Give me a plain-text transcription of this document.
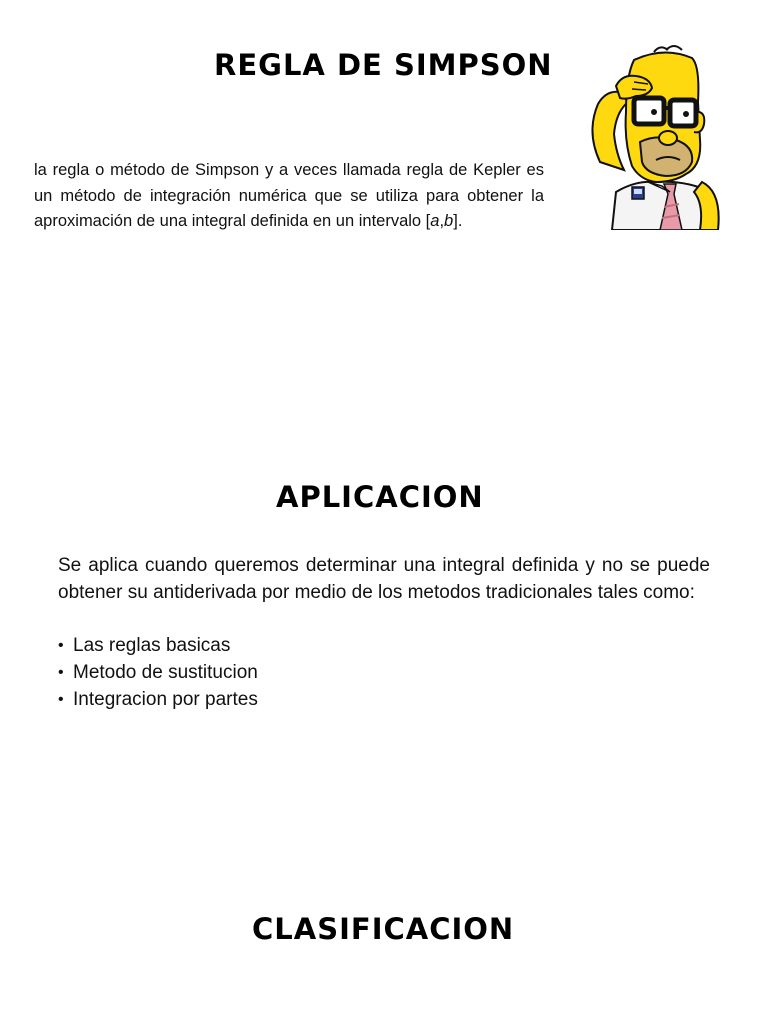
REGLA DE SIMPSON

la regla o método de Simpson y a veces llamada regla de Kepler es un método de integración numérica que se utiliza para obtener la aproximación de una integral definida en un intervalo [a,b].

APLICACION

Se aplica cuando queremos determinar una integral definida y no se puede obtener su antiderivada por medio de los metodos tradicionales tales como:

• Las reglas basicas
• Metodo de sustitucion
• Integracion por partes
CLASIFICACION
